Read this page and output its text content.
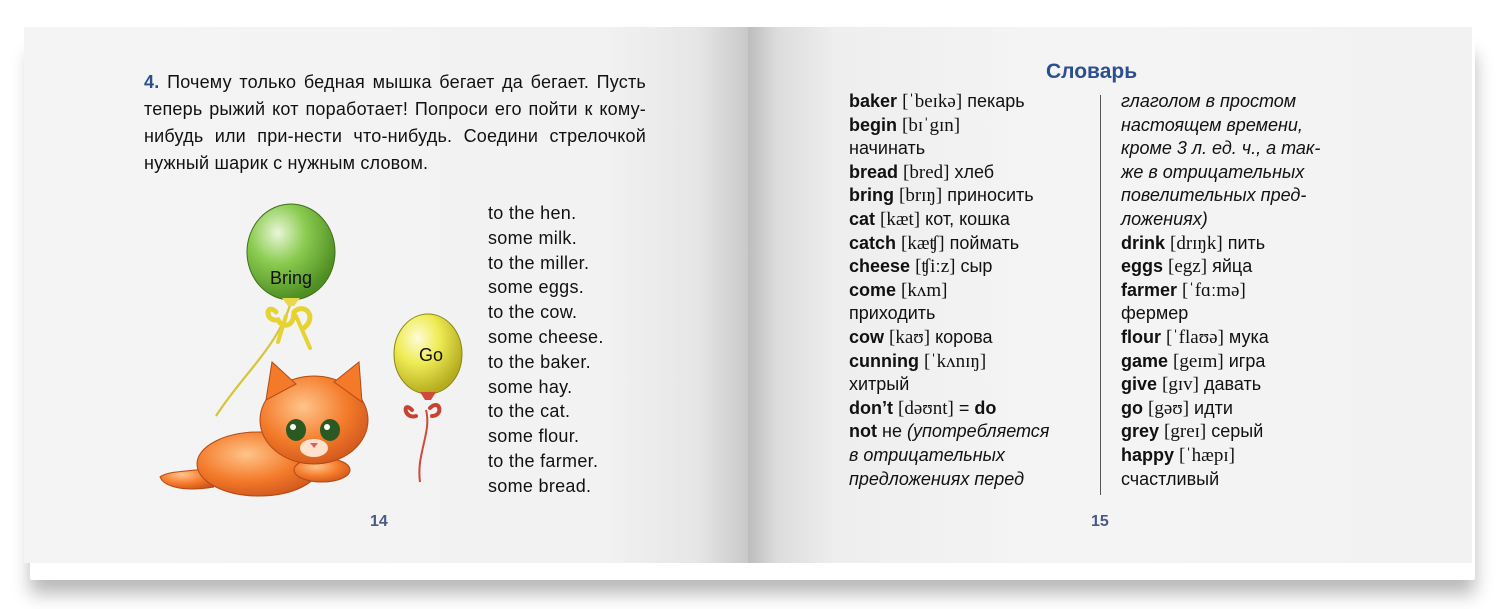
4. Почему только бедная мышка бегает да бегает. Пусть теперь рыжий кот поработает! Попроси его пойти к кому-нибудь или при-нести что-нибудь. Соедини стрелочкой нужный шарик с нужным словом.
Bring
Go
to the hen.
some milk.
to the miller.
some eggs.
to the cow.
some cheese.
to the baker.
some hay.
to the cat.
some flour.
to the farmer.
some bread.
14
Словарь
baker [ˈbeɪkə] пекарь
begin [bɪˈgɪn]
начинать
bread [bred] хлеб
bring [brɪŋ] приносить
cat [kæt] кот, кошка
catch [kæʧ] поймать
cheese [ʧiːz] сыр
come [kʌm]
приходить
cow [kaʊ] корова
cunning [ˈkʌnɪŋ]
хитрый
don’t [dəʊnt] = do
not не (употребляется
в отрицательных
предложениях перед
глаголом в простом
настоящем времени,
кроме 3 л. ед. ч., а так-
же в отрицательных
повелительных пред-
ложениях)
drink [drɪŋk] пить
eggs [egz] яйца
farmer [ˈfɑːmə]
фермер
flour [ˈflaʊə] мука
game [geɪm] игра
give [gɪv] давать
go [gəʊ] идти
grey [greɪ] серый
happy [ˈhæpɪ]
счастливый
15
